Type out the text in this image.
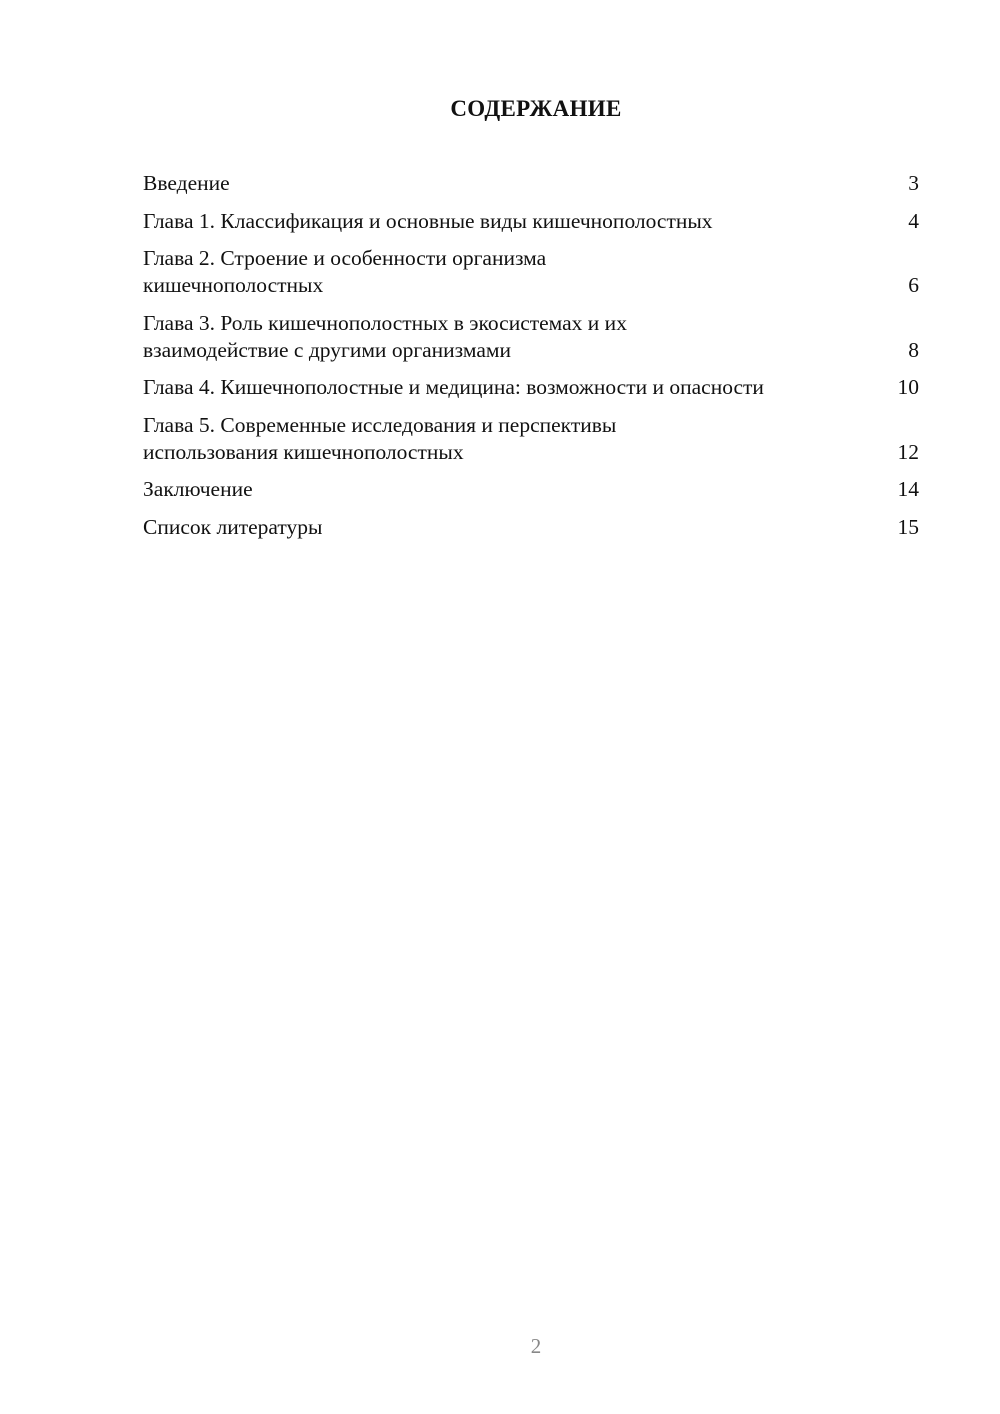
СОДЕРЖАНИЕ
Введение	3
Глава 1. Классификация и основные виды кишечнополостных	4
Глава 2. Строение и особенности организма кишечнополостных	6
Глава 3. Роль кишечнополостных в экосистемах и их взаимодействие с другими организмами	8
Глава 4. Кишечнополостные и медицина: возможности и опасности	10
Глава 5. Современные исследования и перспективы использования кишечнополостных	12
Заключение	14
Список литературы	15
2
